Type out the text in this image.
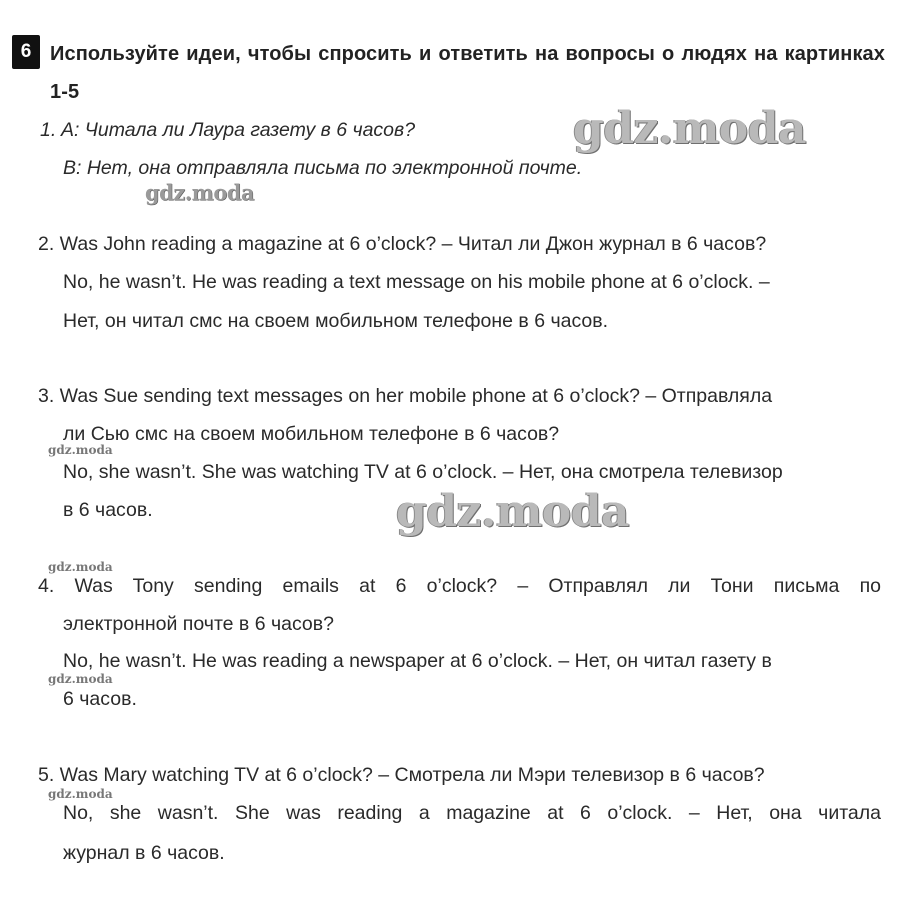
6 Используйте идеи, чтобы спросить и ответить на вопросы о людях на картинках 1-5
1. A: Читала ли Лаура газету в 6 часов?
B: Нет, она отправляла письма по электронной почте.
2. Was John reading a magazine at 6 o’clock? – Читал ли Джон журнал в 6 часов?
No, he wasn’t. He was reading a text message on his mobile phone at 6 o’clock. –
Нет, он читал смс на своем мобильном телефоне в 6 часов.
3. Was Sue sending text messages on her mobile phone at 6 o’clock? – Отправляла
ли Сью смс на своем мобильном телефоне в 6 часов?
No, she wasn’t. She was watching TV at 6 o’clock. – Нет, она смотрела телевизор
в 6 часов.
4. Was Tony sending emails at 6 o’clock? – Отправлял ли Тони письма по
электронной почте в 6 часов?
No, he wasn’t. He was reading a newspaper at 6 o’clock. – Нет, он читал газету в
6 часов.
5. Was Mary watching TV at 6 o’clock? – Смотрела ли Мэри телевизор в 6 часов?
No, she wasn’t. She was reading a magazine at 6 o’clock. – Нет, она читала
журнал в 6 часов.
gdz.moda
gdz.moda
gdz.moda
gdz.moda
gdz.moda
gdz.moda
gdz.moda
